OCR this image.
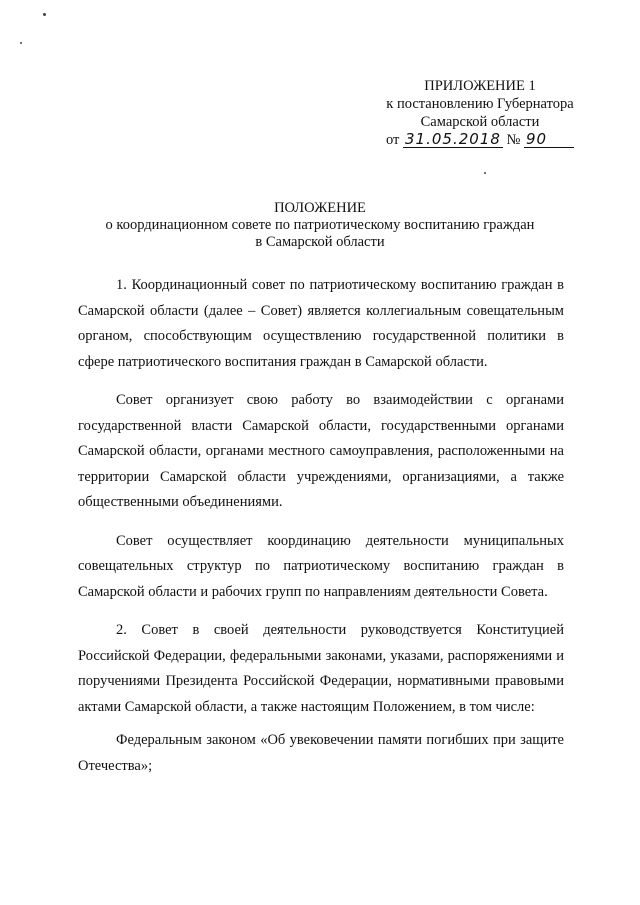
ПРИЛОЖЕНИЕ 1
к постановлению Губернатора
Самарской области
от 31.05.2018 № 90
ПОЛОЖЕНИЕ
о координационном совете по патриотическому воспитанию граждан
в Самарской области

1. Координационный совет по патриотическому воспитанию граждан в Самарской области (далее – Совет) является коллегиальным совещательным органом, способствующим осуществлению государственной политики в сфере патриотического воспитания граждан в Самарской области.

Совет организует свою работу во взаимодействии с органами государственной власти Самарской области, государственными органами Самарской области, органами местного самоуправления, расположенными на территории Самарской области учреждениями, организациями, а также общественными объединениями.

Совет осуществляет координацию деятельности муниципальных совещательных структур по патриотическому воспитанию граждан в Самарской области и рабочих групп по направлениям деятельности Совета.

2. Совет в своей деятельности руководствуется Конституцией Российской Федерации, федеральными законами, указами, распоряжениями и поручениями Президента Российской Федерации, нормативными правовыми актами Самарской области, а также настоящим Положением, в том числе:

Федеральным законом «Об увековечении памяти погибших при защите Отечества»;
